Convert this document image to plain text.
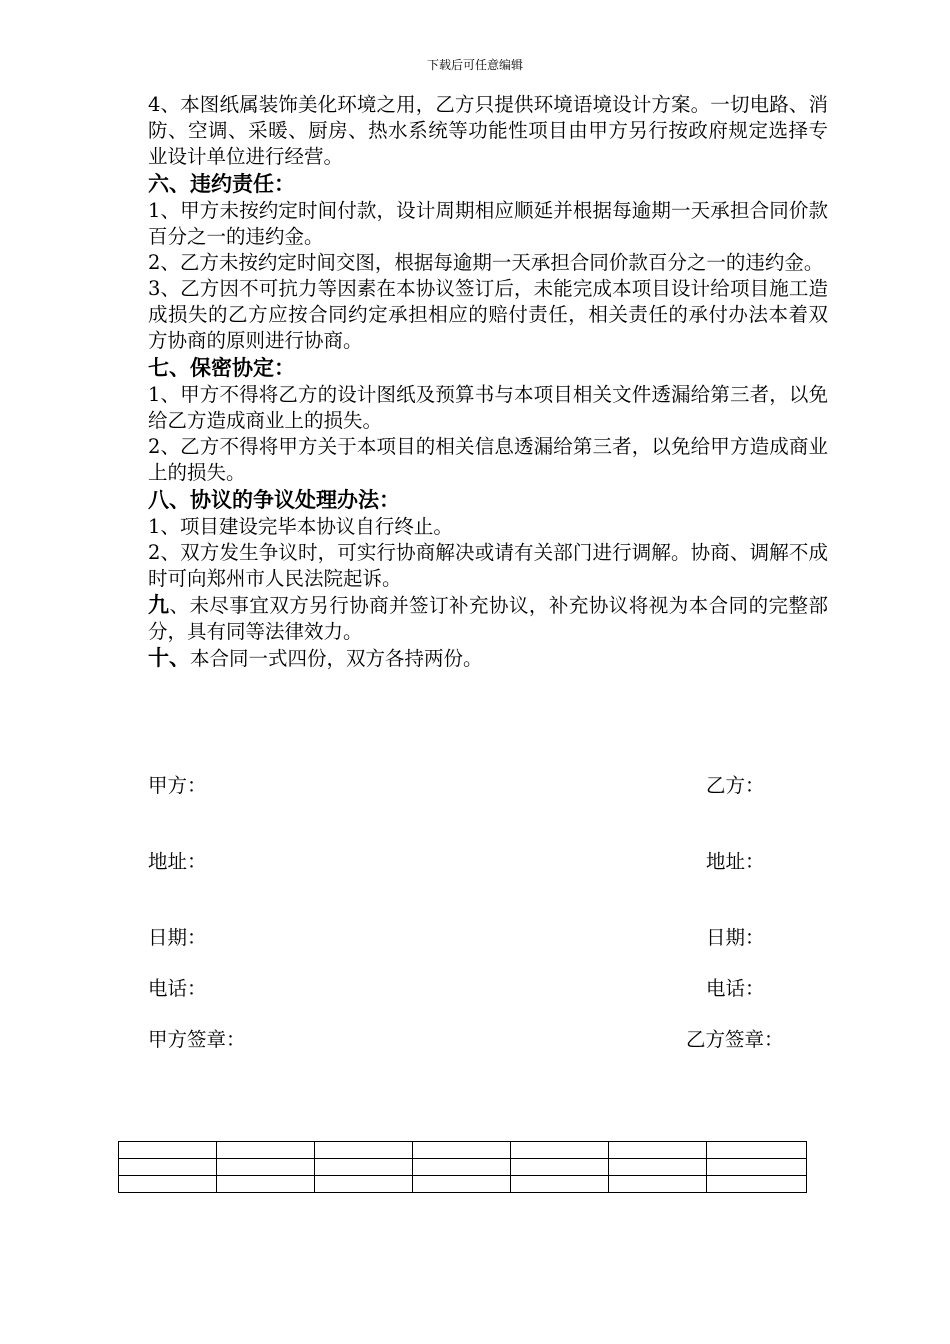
下载后可任意编辑

4、本图纸属装饰美化环境之用，乙方只提供环境语境设计方案。一切电路、消防、空调、采暖、厨房、热水系统等功能性项目由甲方另行按政府规定选择专业设计单位进行经营。

六、违约责任：

1、甲方未按约定时间付款，设计周期相应顺延并根据每逾期一天承担合同价款百分之一的违约金。

2、乙方未按约定时间交图，根据每逾期一天承担合同价款百分之一的违约金。

3、乙方因不可抗力等因素在本协议签订后，未能完成本项目设计给项目施工造成损失的乙方应按合同约定承担相应的赔付责任，相关责任的承付办法本着双方协商的原则进行协商。

七、保密协定：

1、甲方不得将乙方的设计图纸及预算书与本项目相关文件透漏给第三者，以免给乙方造成商业上的损失。

2、乙方不得将甲方关于本项目的相关信息透漏给第三者，以免给甲方造成商业上的损失。

八、协议的争议处理办法：

1、项目建设完毕本协议自行终止。

2、双方发生争议时，可实行协商解决或请有关部门进行调解。协商、调解不成时可向郑州市人民法院起诉。

九、未尽事宜双方另行协商并签订补充协议，补充协议将视为本合同的完整部分，具有同等法律效力。

十、本合同一式四份，双方各持两份。

甲方：	乙方：
地址：	地址：
日期：	日期：
电话：	电话：
甲方签章：	乙方签章：
